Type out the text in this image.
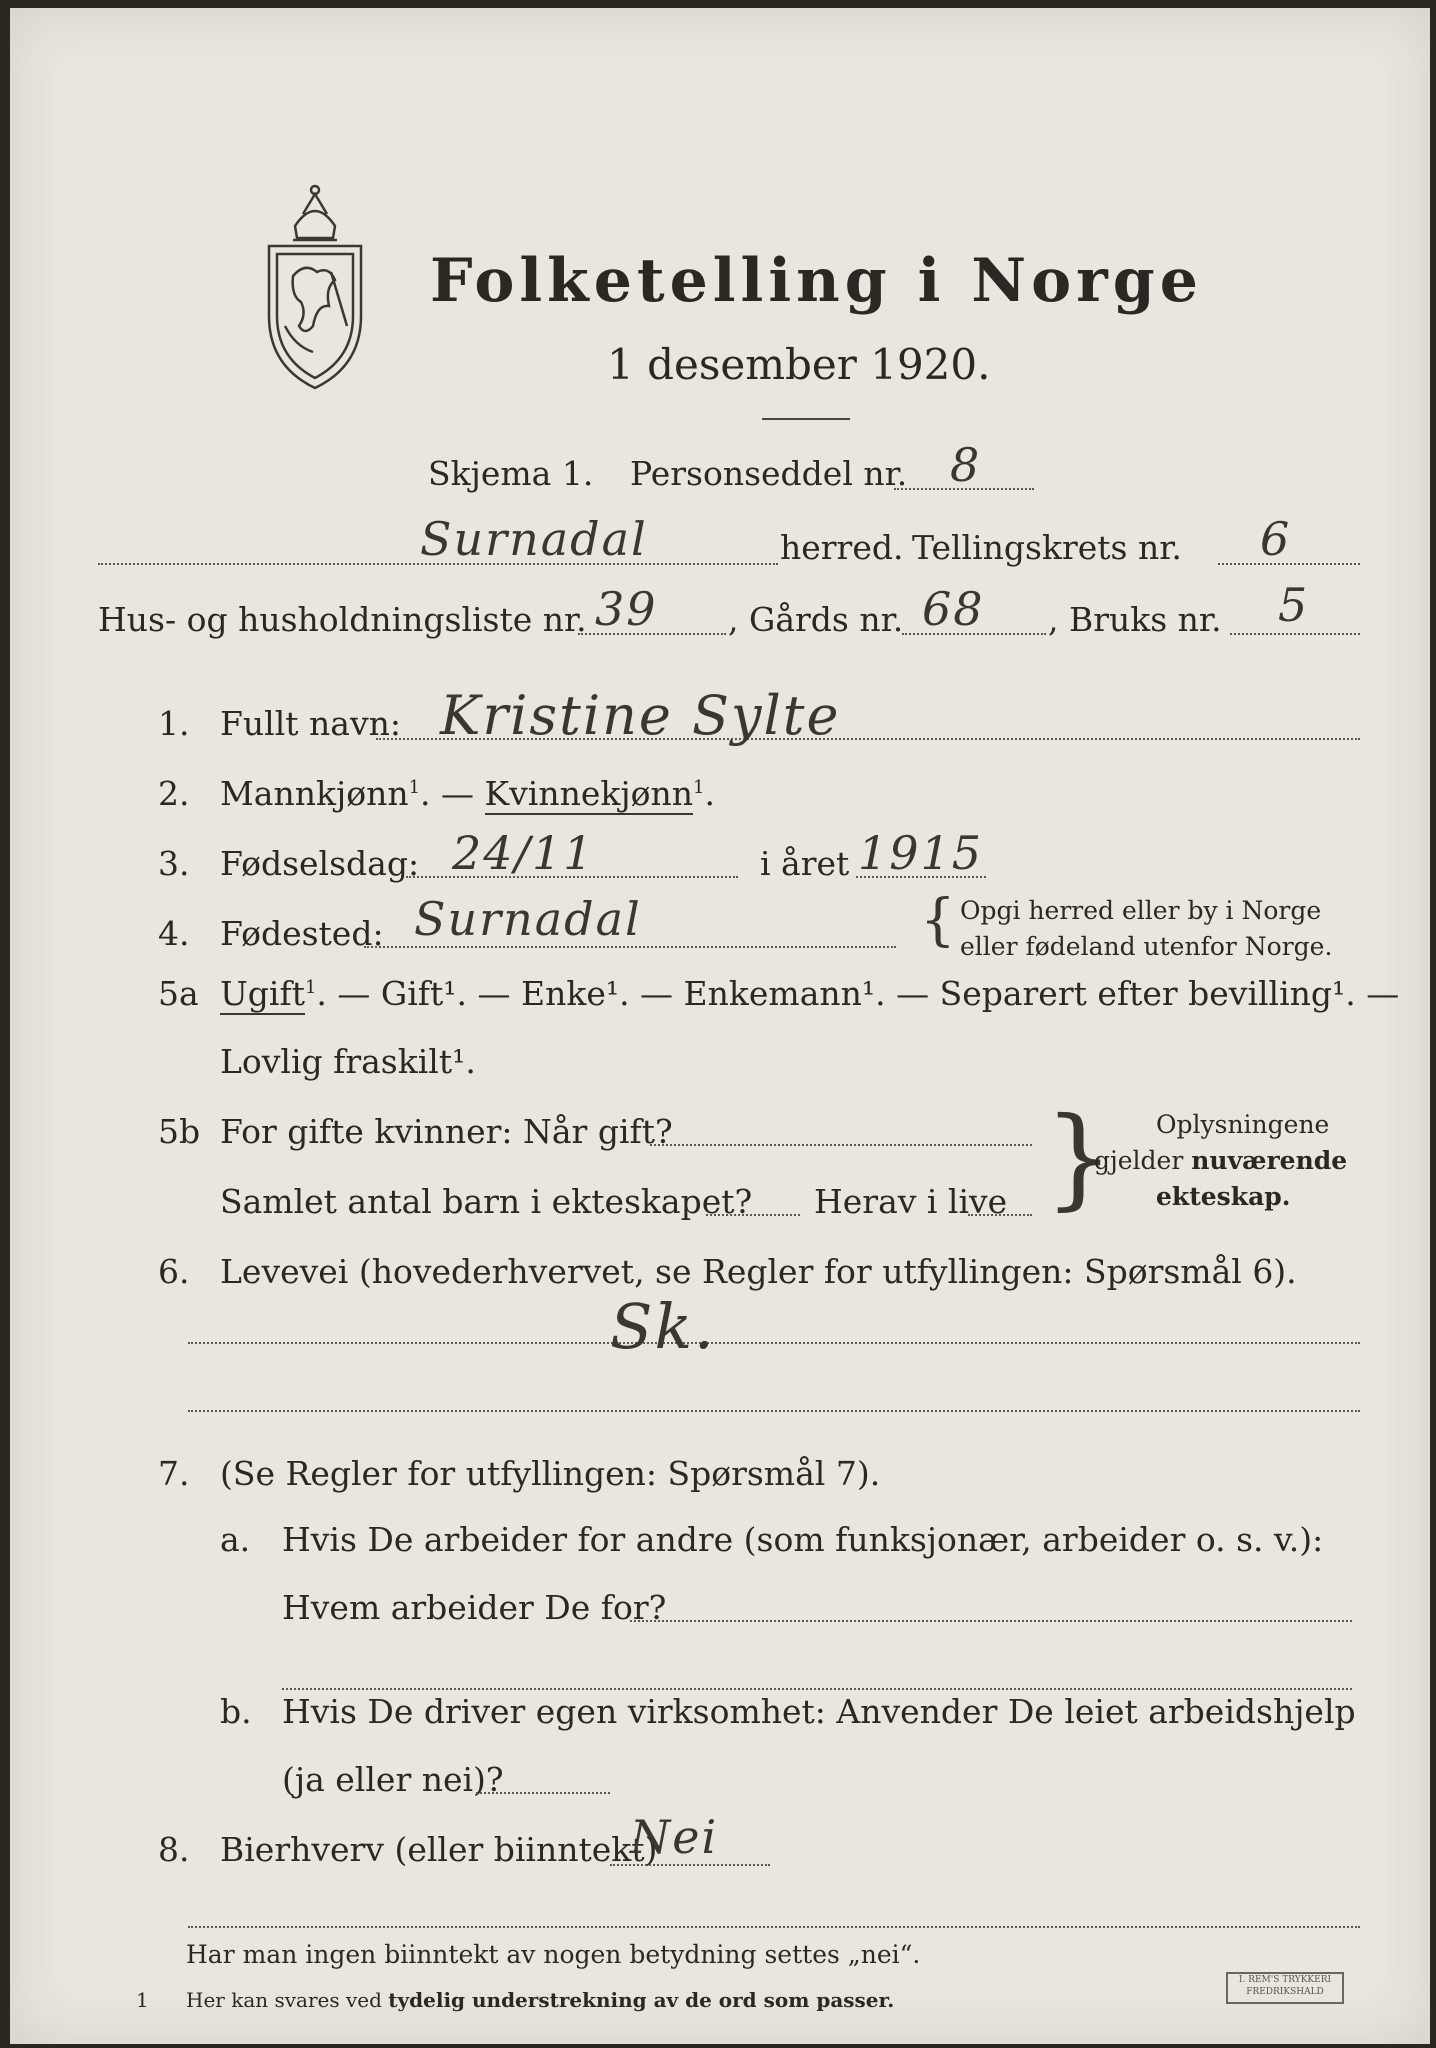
Folketelling i Norge
1 desember 1920.
Skjema 1. Personseddel nr. 8
Surnadal	herred. Tellingskrets nr. 6
Hus- og husholdningsliste nr. 39 , Gårds nr. 68 , Bruks nr. 5
1. Fullt navn: Kristine Sylte
2. Mannkjønn$^1$. — Kvinnekjønn$^1$.
3. Fødselsdag: 24/11	i året 1915
4. Fødested: Surnadal	{ Opgi herred eller by i Norge
eller fødeland utenfor Norge.
5a Ugift$^1$. — Gift¹. — Enke¹. — Enkemann¹. — Separert efter bevilling¹. —
Lovlig fraskilt¹.
5b For gifte kvinner: Når gift?
Samlet antal barn i ekteskapet? Herav i live } Oplysningene
gjelder nuværende
ekteskap.
6. Levevei (hovederhvervet, se Regler for utfyllingen: Spørsmål 6).
Sk.
7. (Se Regler for utfyllingen: Spørsmål 7).
a. Hvis De arbeider for andre (som funksjonær, arbeider o. s. v.):
Hvem arbeider De for?
b. Hvis De driver egen virksomhet: Anvender De leiet arbeidshjelp
(ja eller nei)?
8. Bierhverv (eller biinntekt)
Nei
Har man ingen biinntekt av nogen betydning settes „nei“.
1 Her kan svares ved tydelig understrekning av de ord som passer.
I. REM'S TRYKKERI
FREDRIKSHALD
